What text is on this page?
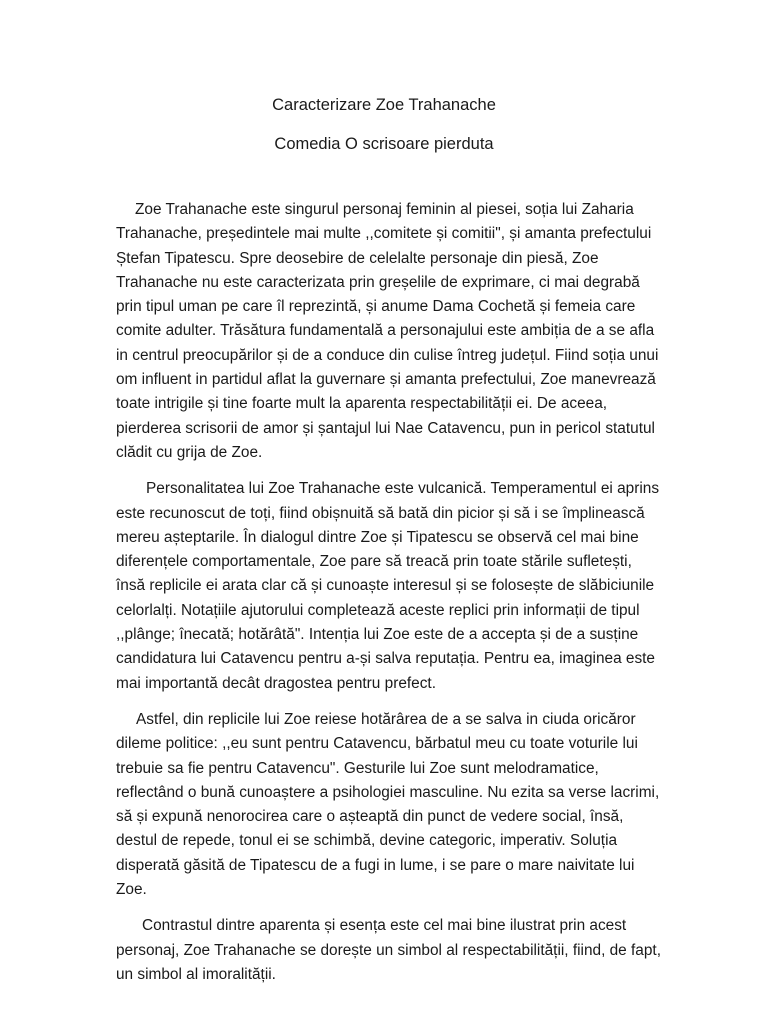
Caracterizare Zoe Trahanache
Comedia O scrisoare pierduta

Zoe Trahanache este singurul personaj feminin al piesei, soția lui Zaharia Trahanache, președintele mai multe ,,comitete și comitii", și amanta prefectului Ștefan Tipatescu. Spre deosebire de celelalte personaje din piesă, Zoe Trahanache nu este caracterizata prin greșelile de exprimare, ci mai degrabă prin tipul uman pe care îl reprezintă, și anume Dama Cochetă și femeia care comite adulter. Trăsătura fundamentală a personajului este ambiția de a se afla in centrul preocupărilor și de a conduce din culise întreg județul. Fiind soția unui om influent in partidul aflat la guvernare și amanta prefectului, Zoe manevrează toate intrigile și tine foarte mult la aparenta respectabilității ei. De aceea, pierderea scrisorii de amor și șantajul lui Nae Catavencu, pun in pericol statutul clădit cu grija de Zoe.

Personalitatea lui Zoe Trahanache este vulcanică. Temperamentul ei aprins este recunoscut de toți, fiind obișnuită să bată din picior și să i se împlinească mereu așteptarile. În dialogul dintre Zoe și Tipatescu se observă cel mai bine diferențele comportamentale, Zoe pare să treacă prin toate stările sufletești, însă replicile ei arata clar că și cunoaște interesul și se folosește de slăbiciunile celorlalți. Notațiile ajutorului completează aceste replici prin informații de tipul ,,plânge; înecată; hotărâtă". Intenția lui Zoe este de a accepta și de a susține candidatura lui Catavencu pentru a-și salva reputația. Pentru ea, imaginea este mai importantă decât dragostea pentru prefect.

Astfel, din replicile lui Zoe reiese hotărârea de a se salva in ciuda oricăror dileme politice: ,,eu sunt pentru Catavencu, bărbatul meu cu toate voturile lui trebuie sa fie pentru Catavencu". Gesturile lui Zoe sunt melodramatice, reflectând o bună cunoaștere a psihologiei masculine. Nu ezita sa verse lacrimi, să și expună nenorocirea care o așteaptă din punct de vedere social, însă, destul de repede, tonul ei se schimbă, devine categoric, imperativ. Soluția disperată găsită de Tipatescu de a fugi in lume, i se pare o mare naivitate lui Zoe.

Contrastul dintre aparenta și esența este cel mai bine ilustrat prin acest personaj, Zoe Trahanache se dorește un simbol al respectabilității, fiind, de fapt, un simbol al imoralității.
